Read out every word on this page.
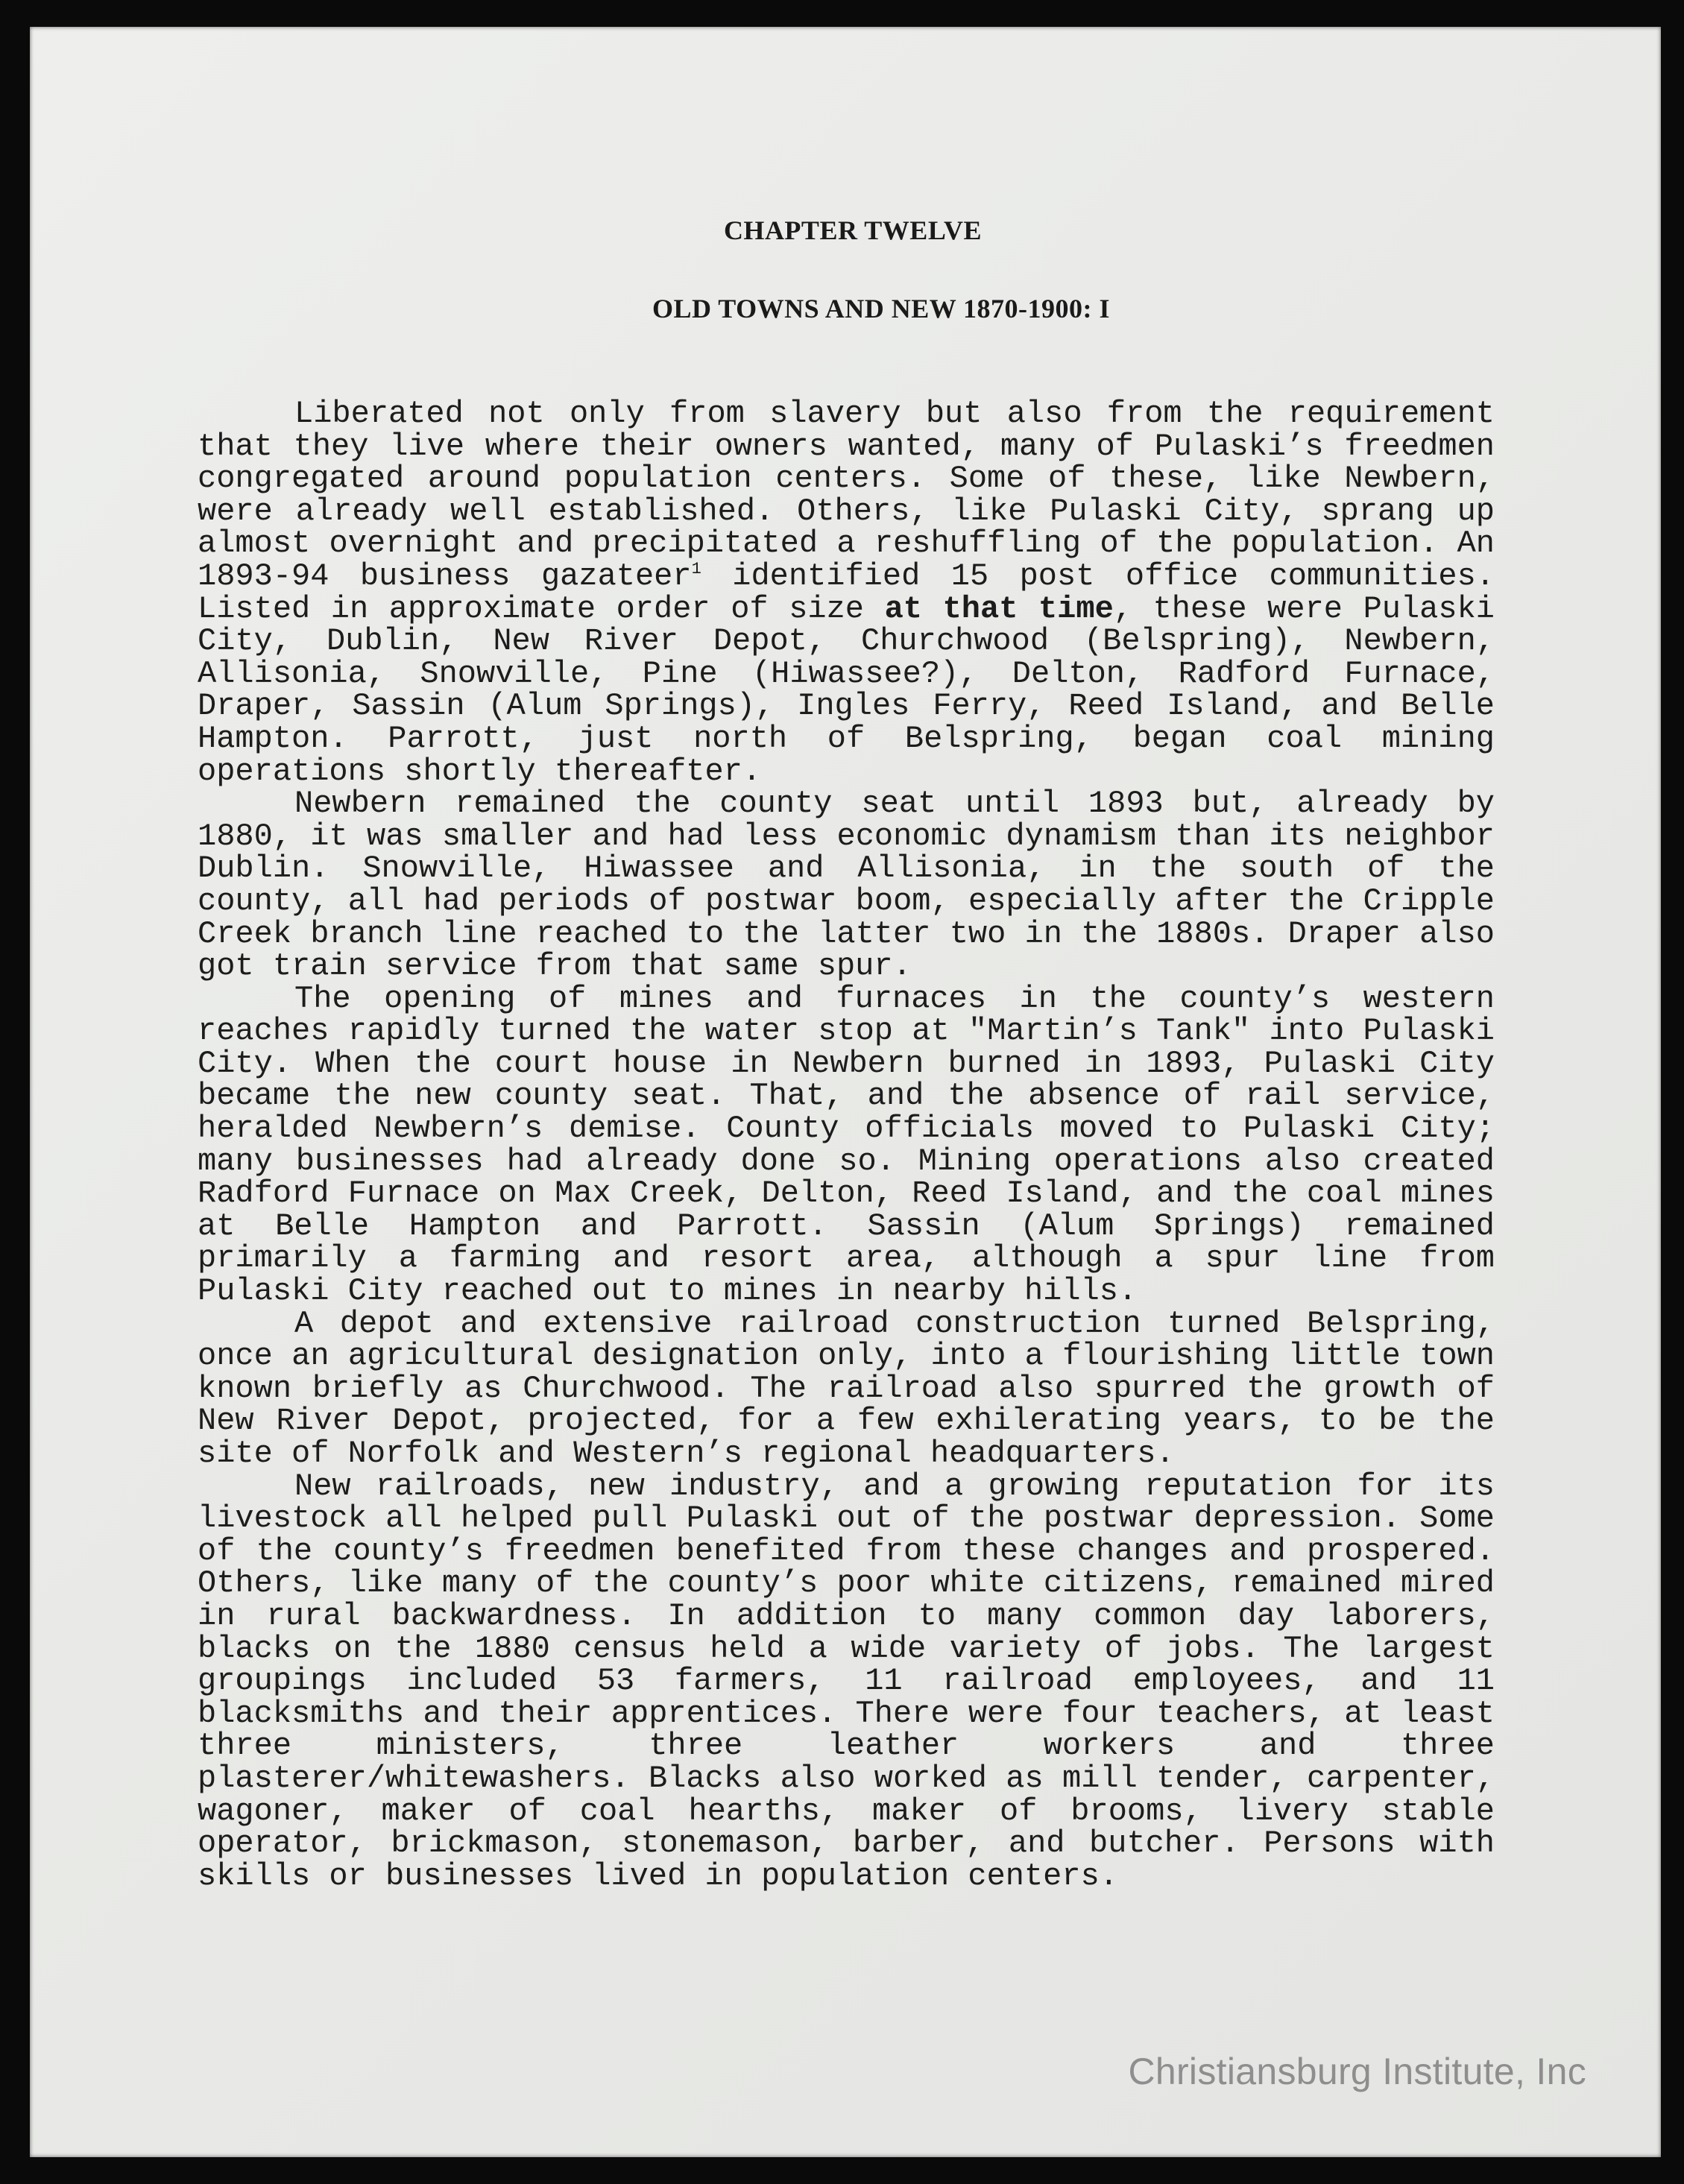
CHAPTER TWELVE
OLD TOWNS AND NEW 1870-1900: I

Liberated not only from slavery but also from the requirement that they live where their owners wanted, many of Pulaski’s freedmen congregated around population centers. Some of these, like Newbern, were already well established. Others, like Pulaski City, sprang up almost overnight and precipitated a reshuffling of the population. An 1893-94 business gazateer$^1$ identified 15 post office communities. Listed in approximate order of size at that time, these were Pulaski City, Dublin, New River Depot, Churchwood (Belspring), Newbern, Allisonia, Snowville, Pine (Hiwassee?), Delton, Radford Furnace, Draper, Sassin (Alum Springs), Ingles Ferry, Reed Island, and Belle Hampton. Parrott, just north of Belspring, began coal mining operations shortly thereafter.

Newbern remained the county seat until 1893 but, already by 1880, it was smaller and had less economic dynamism than its neighbor Dublin. Snowville, Hiwassee and Allisonia, in the south of the county, all had periods of postwar boom, especially after the Cripple Creek branch line reached to the latter two in the 1880s. Draper also got train service from that same spur.

The opening of mines and furnaces in the county’s western reaches rapidly turned the water stop at "Martin’s Tank" into Pulaski City. When the court house in Newbern burned in 1893, Pulaski City became the new county seat. That, and the absence of rail service, heralded Newbern’s demise. County officials moved to Pulaski City; many businesses had already done so. Mining operations also created Radford Furnace on Max Creek, Delton, Reed Island, and the coal mines at Belle Hampton and Parrott. Sassin (Alum Springs) remained primarily a farming and resort area, although a spur line from Pulaski City reached out to mines in nearby hills.

A depot and extensive railroad construction turned Belspring, once an agricultural designation only, into a flourishing little town known briefly as Churchwood. The railroad also spurred the growth of New River Depot, projected, for a few exhilerating years, to be the site of Norfolk and Western’s regional headquarters.

New railroads, new industry, and a growing reputation for its livestock all helped pull Pulaski out of the postwar depression. Some of the county’s freedmen benefited from these changes and prospered. Others, like many of the county’s poor white citizens, remained mired in rural backwardness. In addition to many common day laborers, blacks on the 1880 census held a wide variety of jobs. The largest groupings included 53 farmers, 11 railroad employees, and 11 blacksmiths and their apprentices. There were four teachers, at least three ministers, three leather workers and three plasterer/whitewashers. Blacks also worked as mill tender, carpenter, wagoner, maker of coal hearths, maker of brooms, livery stable operator, brickmason, stonemason, barber, and butcher. Persons with skills or businesses lived in population centers.

Christiansburg Institute, Inc
